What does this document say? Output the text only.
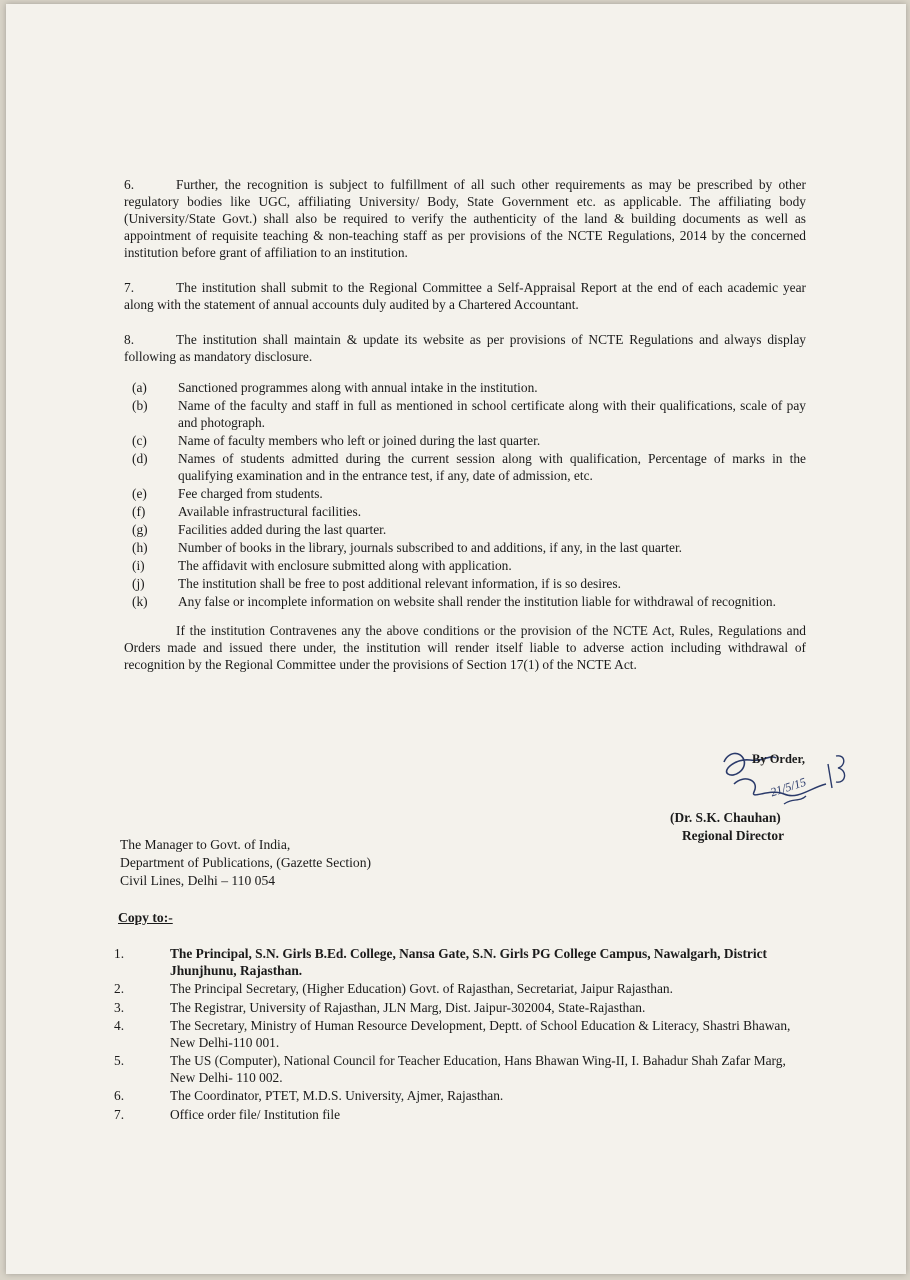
6.	Further, the recognition is subject to fulfillment of all such other requirements as may be prescribed by other regulatory bodies like UGC, affiliating University/ Body, State Government etc. as applicable. The affiliating body (University/State Govt.) shall also be required to verify the authenticity of the land & building documents as well as appointment of requisite teaching & non-teaching staff as per provisions of the NCTE Regulations, 2014 by the concerned institution before grant of affiliation to an institution.

7.	The institution shall submit to the Regional Committee a Self-Appraisal Report at the end of each academic year along with the statement of annual accounts duly audited by a Chartered Accountant.

8.	The institution shall maintain & update its website as per provisions of NCTE Regulations and always display following as mandatory disclosure.

(a)	Sanctioned programmes along with annual intake in the institution.
(b)	Name of the faculty and staff in full as mentioned in school certificate along with their qualifications, scale of pay and photograph.
(c)	Name of faculty members who left or joined during the last quarter.
(d)	Names of students admitted during the current session along with qualification, Percentage of marks in the qualifying examination and in the entrance test, if any, date of admission, etc.
(e)	Fee charged from students.
(f)	Available infrastructural facilities.
(g)	Facilities added during the last quarter.
(h)	Number of books in the library, journals subscribed to and additions, if any, in the last quarter.
(i)	The affidavit with enclosure submitted along with application.
(j)	The institution shall be free to post additional relevant information, if is so desires.
(k)	Any false or incomplete information on website shall render the institution liable for withdrawal of recognition.

If the institution Contravenes any the above conditions or the provision of the NCTE Act, Rules, Regulations and Orders made and issued there under, the institution will render itself liable to adverse action including withdrawal of recognition by the Regional Committee under the provisions of Section 17(1) of the NCTE Act.

By Order,
21/5/15
(Dr. S.K. Chauhan)
Regional Director
The Manager to Govt. of India,
Department of Publications, (Gazette Section)
Civil Lines, Delhi – 110 054
Copy to:-
1.	The Principal, S.N. Girls B.Ed. College, Nansa Gate, S.N. Girls PG College Campus, Nawalgarh, District Jhunjhunu, Rajasthan.
2.	The Principal Secretary, (Higher Education) Govt. of Rajasthan, Secretariat, Jaipur Rajasthan.
3.	The Registrar, University of Rajasthan, JLN Marg, Dist. Jaipur-302004, State-Rajasthan.
4.	The Secretary, Ministry of Human Resource Development, Deptt. of School Education & Literacy, Shastri Bhawan, New Delhi-110 001.
5.	The US (Computer), National Council for Teacher Education, Hans Bhawan Wing-II, I. Bahadur Shah Zafar Marg, New Delhi- 110 002.
6.	The Coordinator, PTET, M.D.S. University, Ajmer, Rajasthan.
7.	Office order file/ Institution file
